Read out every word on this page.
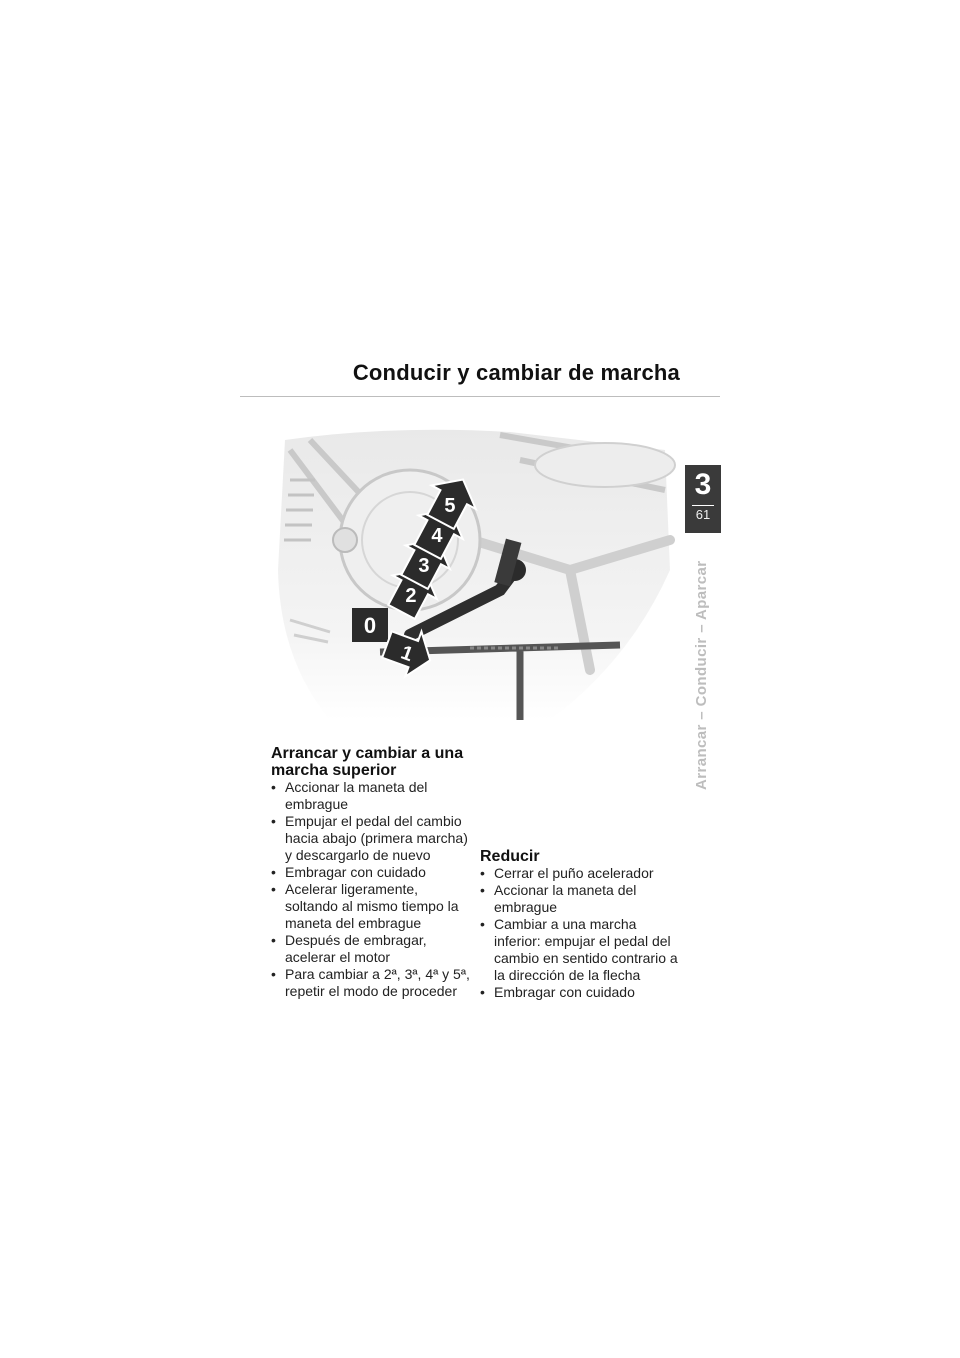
Conducir y cambiar de marcha
3
61
Arrancar – Conducir – Aparcar
0
1
2
3
4
5
Arrancar y cambiar a una marcha superior
• Accionar la maneta del embrague
• Empujar el pedal del cambio hacia abajo (primera marcha) y descargarlo de nuevo
• Embragar con cuidado
• Acelerar ligeramente, soltando al mismo tiempo la maneta del embrague
• Después de embragar, acelerar el motor
• Para cambiar a 2ª, 3ª, 4ª y 5ª, repetir el modo de proceder
Reducir
• Cerrar el puño acelerador
• Accionar la maneta del embrague
• Cambiar a una marcha inferior: empujar el pedal del cambio en sentido contrario a la dirección de la flecha
• Embragar con cuidado
